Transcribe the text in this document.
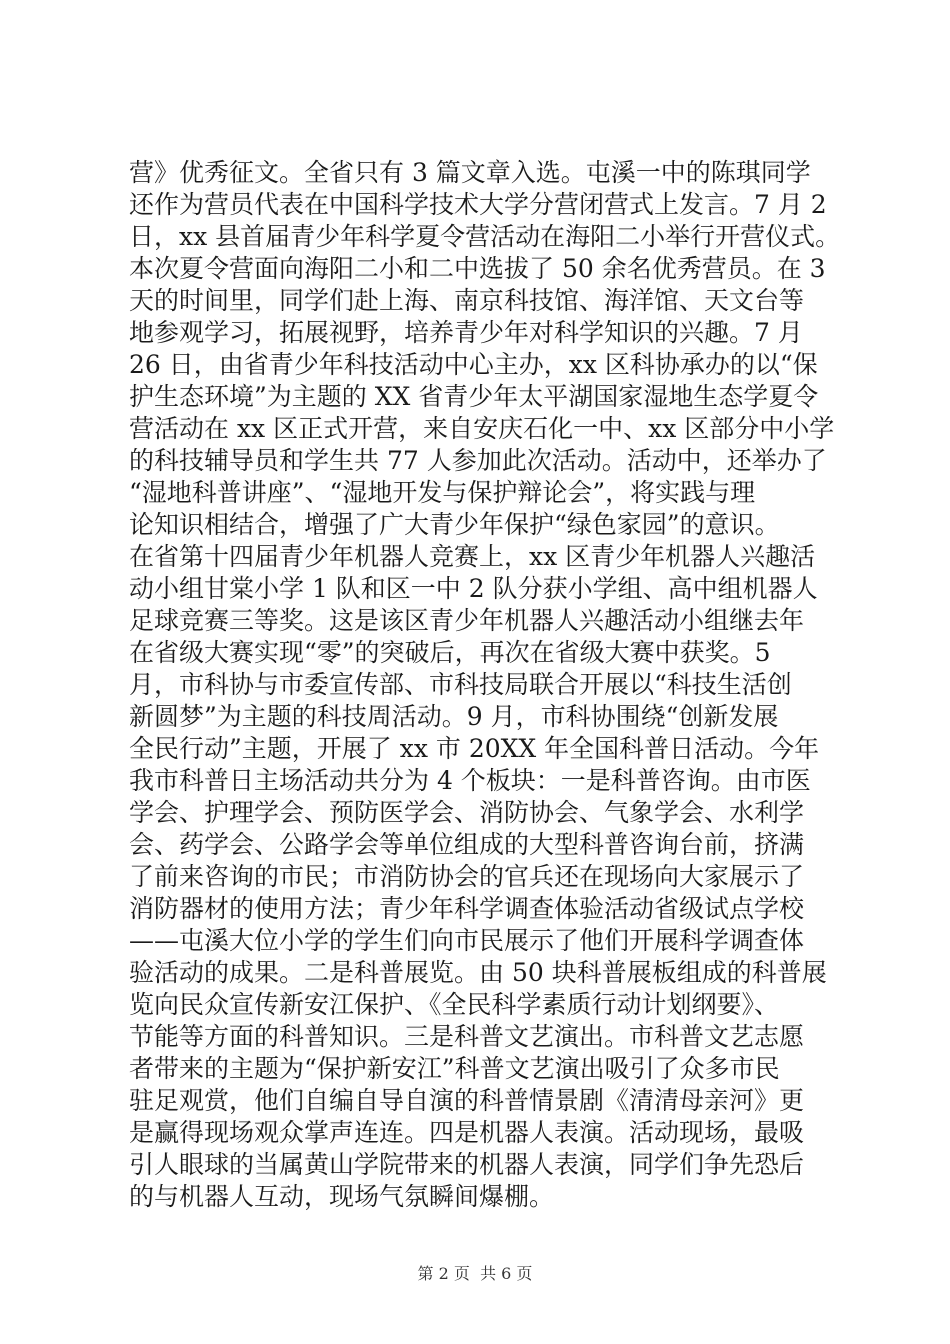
营》优秀征文。全省只有 3 篇文章入选。屯溪一中的陈琪同学
还作为营员代表在中国科学技术大学分营闭营式上发言。7 月 2
日，xx 县首届青少年科学夏令营活动在海阳二小举行开营仪式。
本次夏令营面向海阳二小和二中选拔了 50 余名优秀营员。在 3
天的时间里，同学们赴上海、南京科技馆、海洋馆、天文台等
地参观学习，拓展视野，培养青少年对科学知识的兴趣。7 月
26 日，由省青少年科技活动中心主办，xx 区科协承办的以“保
护生态环境”为主题的 XX 省青少年太平湖国家湿地生态学夏令
营活动在 xx 区正式开营，来自安庆石化一中、xx 区部分中小学
的科技辅导员和学生共 77 人参加此次活动。活动中，还举办了
“湿地科普讲座”、“湿地开发与保护辩论会”，将实践与理
论知识相结合，增强了广大青少年保护“绿色家园”的意识。
在省第十四届青少年机器人竞赛上，xx 区青少年机器人兴趣活
动小组甘棠小学 1 队和区一中 2 队分获小学组、高中组机器人
足球竞赛三等奖。这是该区青少年机器人兴趣活动小组继去年
在省级大赛实现“零”的突破后，再次在省级大赛中获奖。5
月，市科协与市委宣传部、市科技局联合开展以“科技生活创
新圆梦”为主题的科技周活动。9 月，市科协围绕“创新发展
全民行动”主题，开展了 xx 市 20XX 年全国科普日活动。今年
我市科普日主场活动共分为 4 个板块：一是科普咨询。由市医
学会、护理学会、预防医学会、消防协会、气象学会、水利学
会、药学会、公路学会等单位组成的大型科普咨询台前，挤满
了前来咨询的市民；市消防协会的官兵还在现场向大家展示了
消防器材的使用方法；青少年科学调查体验活动省级试点学校
——屯溪大位小学的学生们向市民展示了他们开展科学调查体
验活动的成果。二是科普展览。由 50 块科普展板组成的科普展
览向民众宣传新安江保护、《全民科学素质行动计划纲要》、
节能等方面的科普知识。三是科普文艺演出。市科普文艺志愿
者带来的主题为“保护新安江”科普文艺演出吸引了众多市民
驻足观赏，他们自编自导自演的科普情景剧《清清母亲河》更
是赢得现场观众掌声连连。四是机器人表演。活动现场，最吸
引人眼球的当属黄山学院带来的机器人表演，同学们争先恐后
的与机器人互动，现场气氛瞬间爆棚。

第 2 页  共 6 页
